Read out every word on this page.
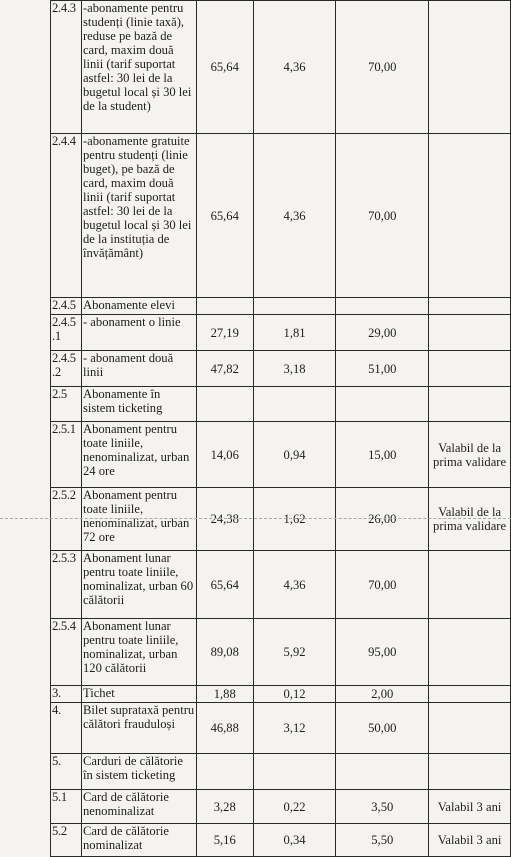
2.4.3	-abonamente pentru studenți (linie taxă), reduse pe bază de card, maxim două linii (tarif suportat astfel: 30 lei de la bugetul local și 30 lei de la student)	65,64	4,36	70,00	
2.4.4	-abonamente gratuite pentru studenți (linie buget), pe bază de card, maxim două linii (tarif suportat astfel: 30 lei de la bugetul local și 30 lei de la instituția de învățământ)	65,64	4,36	70,00	
2.4.5	Abonamente elevi				
2.4.5 .1	- abonament o linie	27,19	1,81	29,00	
2.4.5 .2	- abonament două linii	47,82	3,18	51,00	
2.5	Abonamente în sistem ticketing				
2.5.1	Abonament pentru toate liniile, nenominalizat, urban 24 ore	14,06	0,94	15,00	Valabil de la prima validare
2.5.2	Abonament pentru toate liniile, nenominalizat, urban 72 ore	24,38	1,62	26,00	Valabil de la prima validare
2.5.3	Abonament lunar pentru toate liniile, nominalizat, urban 60 călătorii	65,64	4,36	70,00	
2.5.4	Abonament lunar pentru toate liniile, nominalizat, urban 120 călătorii	89,08	5,92	95,00	
3.	Tichet	1,88	0,12	2,00	
4.	Bilet suprataxă pentru călători frauduloși	46,88	3,12	50,00	
5.	Carduri de călătorie în sistem ticketing				
5.1	Card de călătorie nenominalizat	3,28	0,22	3,50	Valabil 3 ani
5.2	Card de călătorie nominalizat	5,16	0,34	5,50	Valabil 3 ani
